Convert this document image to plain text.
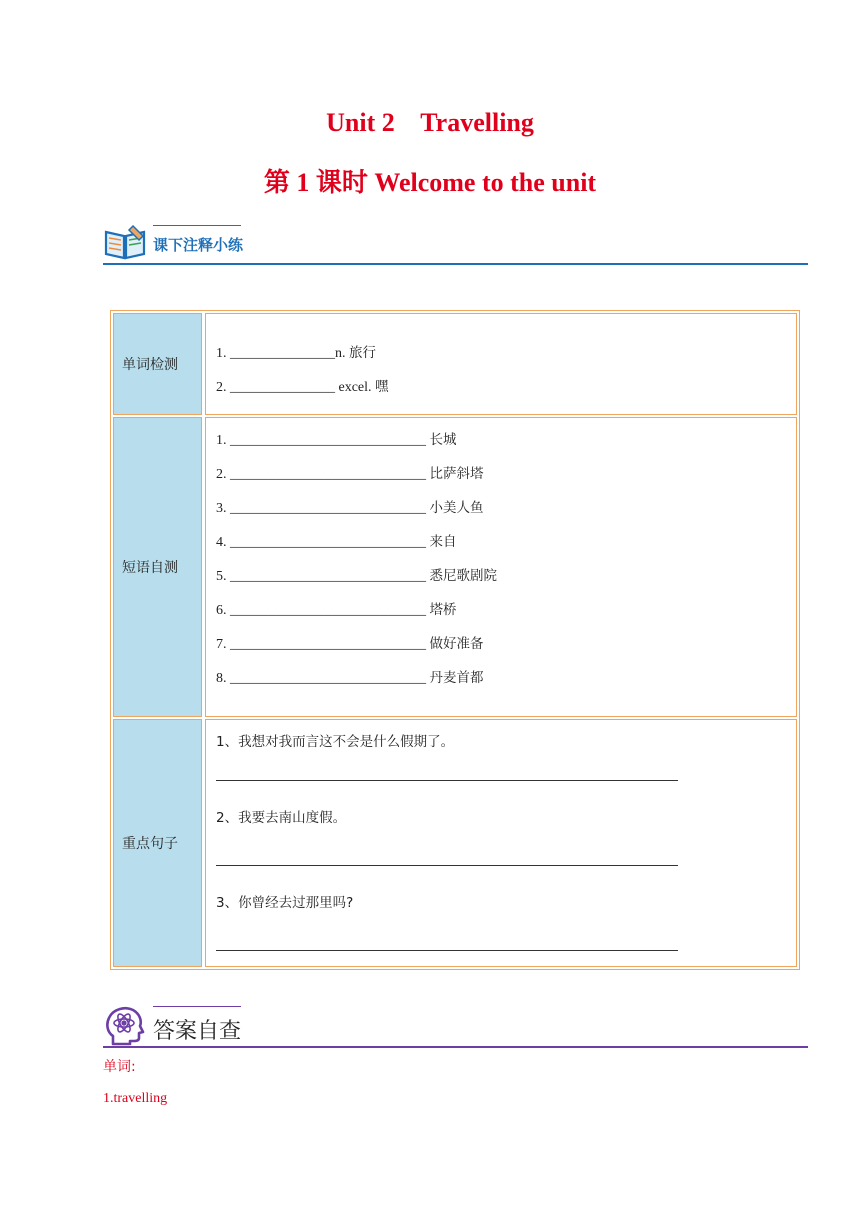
Unit 2    Travelling
第 1 课时 Welcome to the unit
课下注释小练
单词检测
1. _______________n. 旅行
2. _______________ excel. 嘿
短语自测
1. ____________________________ 长城
2. ____________________________ 比萨斜塔
3. ____________________________ 小美人鱼
4. ____________________________ 来自
5. ____________________________ 悉尼歌剧院
6. ____________________________ 塔桥
7. ____________________________ 做好准备
8. ____________________________ 丹麦首都
重点句子
1、我想对我而言这不会是什么假期了。
2、我要去南山度假。
3、你曾经去过那里吗?
答案自查
单词:
1.travelling
